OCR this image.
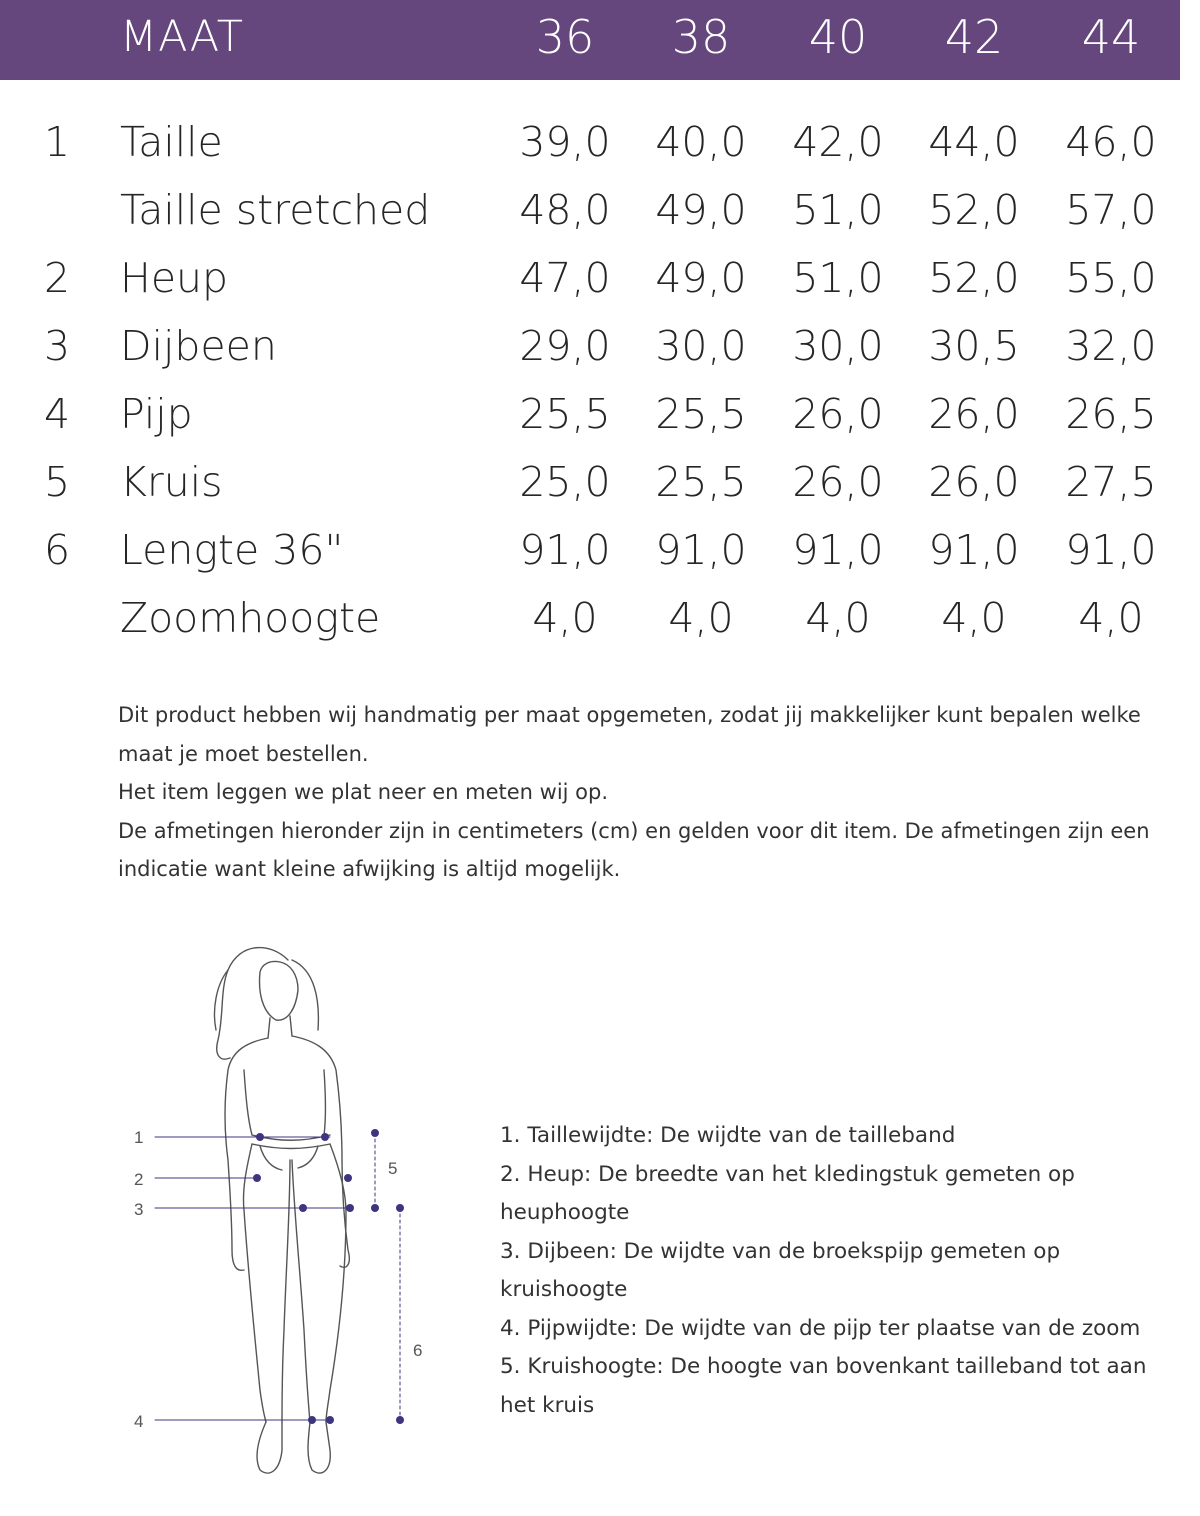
MAAT	36	38	40	42	44
1 Taille	39,0	40,0	42,0	44,0	46,0
Taille stretched	48,0	49,0	51,0	52,0	57,0
2 Heup	47,0	49,0	51,0	52,0	55,0
3 Dijbeen	29,0	30,0	30,0	30,5	32,0
4 Pijp	25,5	25,5	26,0	26,0	26,5
5 Kruis	25,0	25,5	26,0	26,0	27,5
6 Lengte 36"	91,0	91,0	91,0	91,0	91,0
Zoomhoogte	4,0	4,0	4,0	4,0	4,0

Dit product hebben wij handmatig per maat opgemeten, zodat jij makkelijker kunt bepalen welke maat je moet bestellen.

Het item leggen we plat neer en meten wij op.

De afmetingen hieronder zijn in centimeters (cm) en gelden voor dit item. De afmetingen zijn een indicatie want kleine afwijking is altijd mogelijk.

1
2
3
4
5
6

1. Taillewijdte: De wijdte van de tailleband

2. Heup: De breedte van het kledingstuk gemeten op heuphoogte

3. Dijbeen: De wijdte van de broekspijp gemeten op kruishoogte

4. Pijpwijdte: De wijdte van de pijp ter plaatse van de zoom

5. Kruishoogte: De hoogte van bovenkant tailleband tot aan het kruis
